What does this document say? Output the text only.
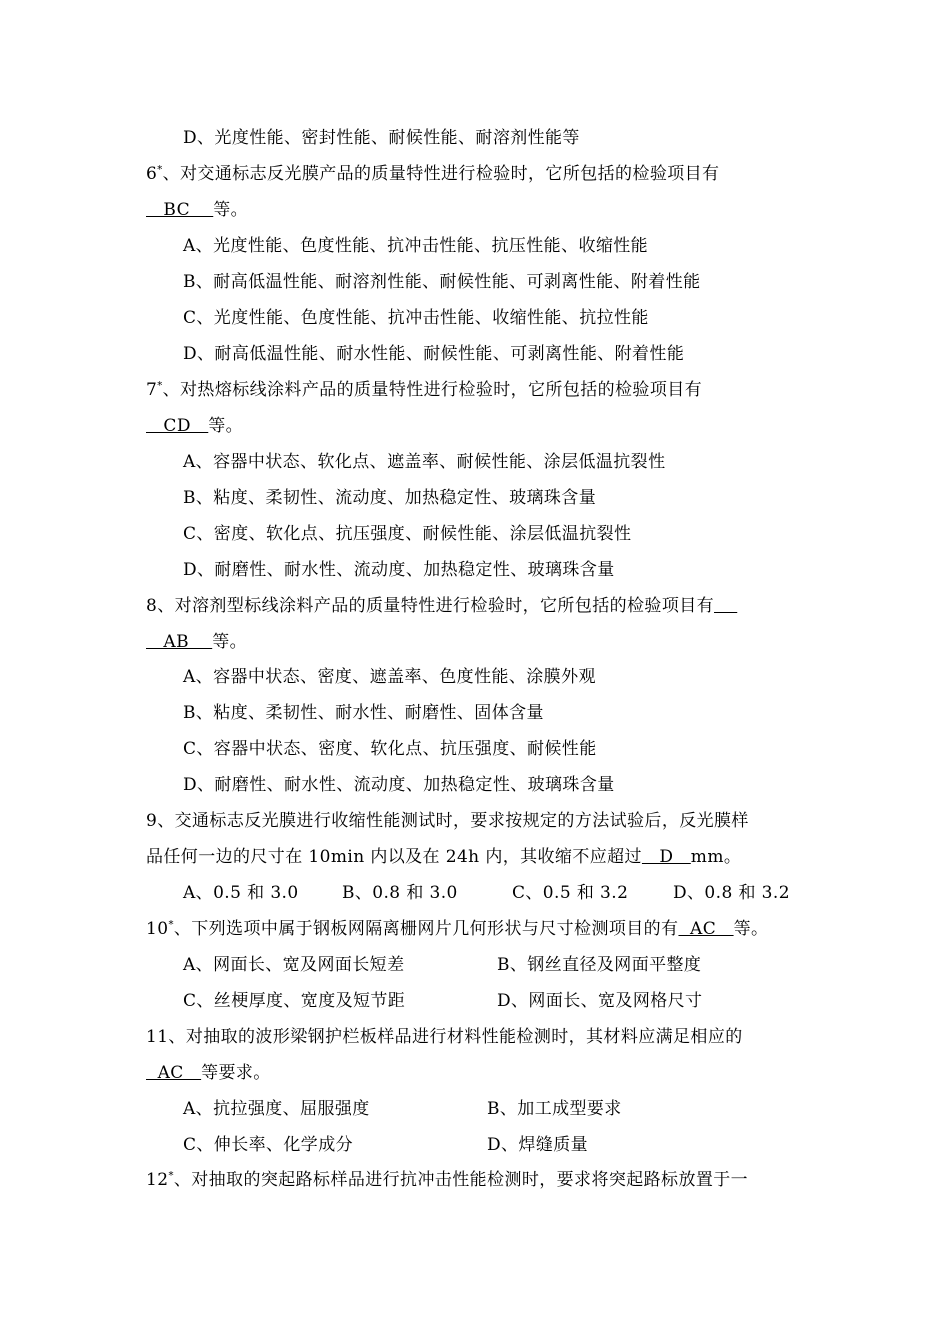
D、光度性能、密封性能、耐候性能、耐溶剂性能等
6*、对交通标志反光膜产品的质量特性进行检验时，它所包括的检验项目有
BC    等。
A、光度性能、色度性能、抗冲击性能、抗压性能、收缩性能
B、耐高低温性能、耐溶剂性能、耐候性能、可剥离性能、附着性能
C、光度性能、色度性能、抗冲击性能、收缩性能、抗拉性能
D、耐高低温性能、耐水性能、耐候性能、可剥离性能、附着性能
7*、对热熔标线涂料产品的质量特性进行检验时，它所包括的检验项目有
CD   等。
A、容器中状态、软化点、遮盖率、耐候性能、涂层低温抗裂性
B、粘度、柔韧性、流动度、加热稳定性、玻璃珠含量
C、密度、软化点、抗压强度、耐候性能、涂层低温抗裂性
D、耐磨性、耐水性、流动度、加热稳定性、玻璃珠含量
8、对溶剂型标线涂料产品的质量特性进行检验时，它所包括的检验项目有
AB    等。
A、容器中状态、密度、遮盖率、色度性能、涂膜外观
B、粘度、柔韧性、耐水性、耐磨性、固体含量
C、容器中状态、密度、软化点、抗压强度、耐候性能
D、耐磨性、耐水性、流动度、加热稳定性、玻璃珠含量
9、交通标志反光膜进行收缩性能测试时，要求按规定的方法试验后，反光膜样
品任何一边的尺寸在 10min 内以及在 24h 内，其收缩不应超过   D   mm。
A、0.5 和 3.0	B、0.8 和 3.0	C、0.5 和 3.2	D、0.8 和 3.2
10*、下列选项中属于钢板网隔离栅网片几何形状与尺寸检测项目的有  AC   等。
A、网面长、宽及网面长短差	B、钢丝直径及网面平整度
C、丝梗厚度、宽度及短节距	D、网面长、宽及网格尺寸
11、对抽取的波形梁钢护栏板样品进行材料性能检测时，其材料应满足相应的
AC   等要求。
A、抗拉强度、屈服强度	B、加工成型要求
C、伸长率、化学成分	D、焊缝质量
12*、对抽取的突起路标样品进行抗冲击性能检测时，要求将突起路标放置于一
